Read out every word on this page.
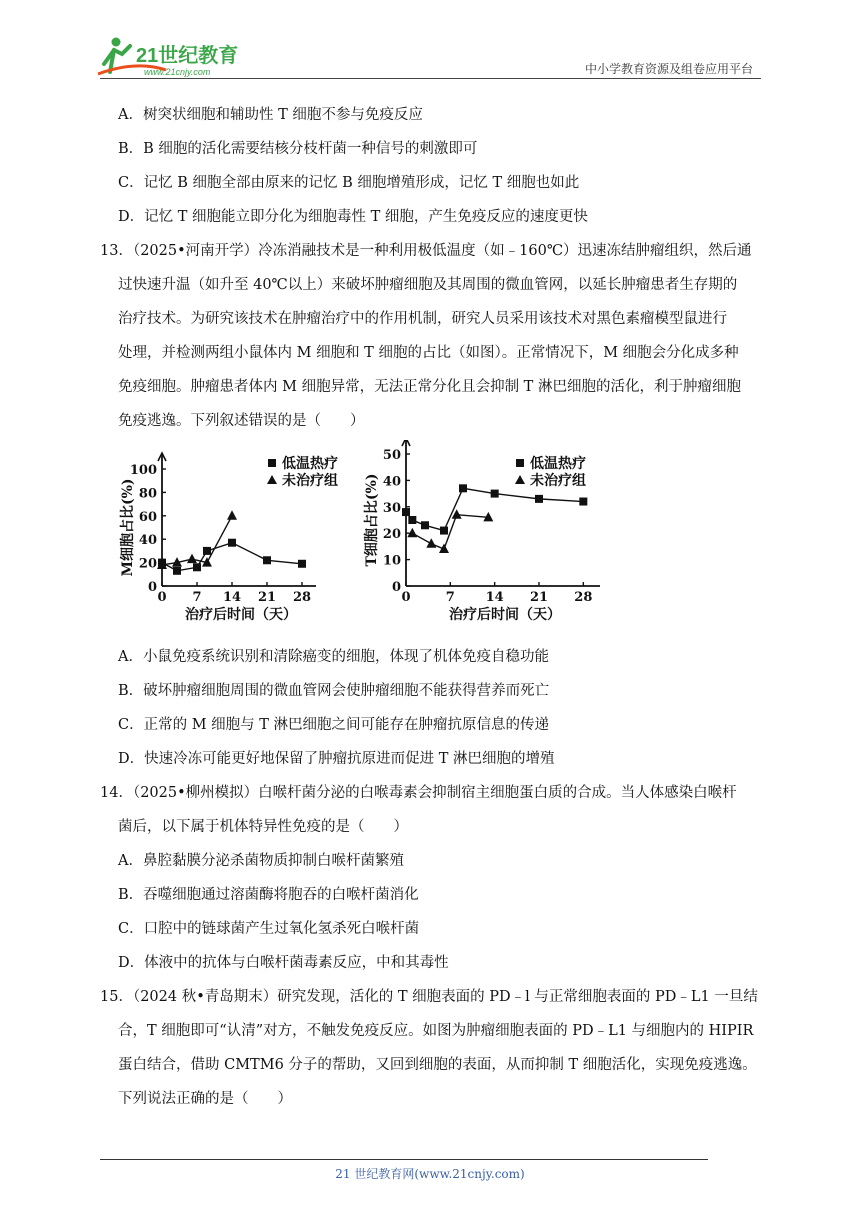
21世纪教育
www.21cnjy.com	中小学教育资源及组卷应用平台
A．树突状细胞和辅助性 T 细胞不参与免疫反应
B．B 细胞的活化需要结核分枝杆菌一种信号的刺激即可
C．记忆 B 细胞全部由原来的记忆 B 细胞增殖形成，记忆 T 细胞也如此
D．记忆 T 细胞能立即分化为细胞毒性 T 细胞，产生免疫反应的速度更快
13．（2025•河南开学）冷冻消融技术是一种利用极低温度（如﹣160℃）迅速冻结肿瘤组织，然后通
过快速升温（如升至 40℃以上）来破坏肿瘤细胞及其周围的微血管网，以延长肿瘤患者生存期的
治疗技术。为研究该技术在肿瘤治疗中的作用机制，研究人员采用该技术对黑色素瘤模型鼠进行
处理，并检测两组小鼠体内 M 细胞和 T 细胞的占比（如图）。正常情况下，M 细胞会分化成多种
免疫细胞。肿瘤患者体内 M 细胞异常，无法正常分化且会抑制 T 淋巴细胞的活化，利于肿瘤细胞
免疫逃逸。下列叙述错误的是（　　）
0
20
40
60
80
100
0 7 14 21 28
治疗后时间（天）
M细胞占比(%)
低温热疗
未治疗组
0
10
20
30
40
50
0	7 14 21 28
治疗后时间（天）
T细胞占比(%)
低温热疗
未治疗组
A．小鼠免疫系统识别和清除癌变的细胞，体现了机体免疫自稳功能
B．破坏肿瘤细胞周围的微血管网会使肿瘤细胞不能获得营养而死亡
C．正常的 M 细胞与 T 淋巴细胞之间可能存在肿瘤抗原信息的传递
D．快速冷冻可能更好地保留了肿瘤抗原进而促进 T 淋巴细胞的增殖
14．（2025•柳州模拟）白喉杆菌分泌的白喉毒素会抑制宿主细胞蛋白质的合成。当人体感染白喉杆
菌后，以下属于机体特异性免疫的是（　　）
A．鼻腔黏膜分泌杀菌物质抑制白喉杆菌繁殖
B．吞噬细胞通过溶菌酶将胞吞的白喉杆菌消化
C．口腔中的链球菌产生过氧化氢杀死白喉杆菌
D．体液中的抗体与白喉杆菌毒素反应，中和其毒性
15．（2024 秋•青岛期末）研究发现，活化的 T 细胞表面的 PD﹣l 与正常细胞表面的 PD﹣L1 一旦结
合，T 细胞即可“认清”对方，不触发免疫反应。如图为肿瘤细胞表面的 PD﹣L1 与细胞内的 HIPIR
蛋白结合，借助 CMTM6 分子的帮助，又回到细胞的表面，从而抑制 T 细胞活化，实现免疫逃逸。
下列说法正确的是（　　）
21 世纪教育网(www.21cnjy.com)
